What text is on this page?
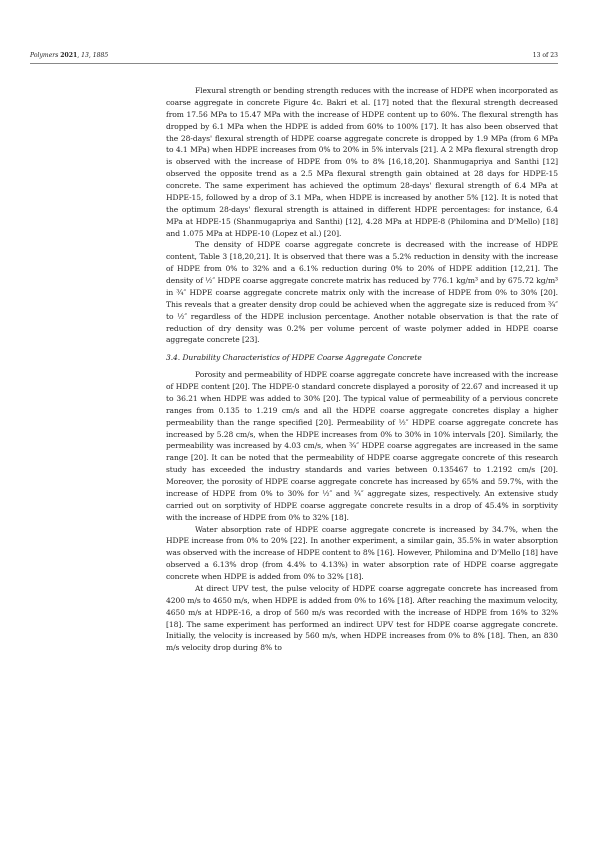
Polymers 2021, 13, 1885	13 of 23

Flexural strength or bending strength reduces with the increase of HDPE when incorporated as coarse aggregate in concrete Figure 4c. Bakri et al. [17] noted that the flexural strength decreased from 17.56 MPa to 15.47 MPa with the increase of HDPE content up to 60%. The flexural strength has dropped by 6.1 MPa when the HDPE is added from 60% to 100% [17]. It has also been observed that the 28-days' flexural strength of HDPE coarse aggregate concrete is dropped by 1.9 MPa (from 6 MPa to 4.1 MPa) when HDPE increases from 0% to 20% in 5% intervals [21]. A 2 MPa flexural strength drop is observed with the increase of HDPE from 0% to 8% [16,18,20]. Shanmugapriya and Santhi [12] observed the opposite trend as a 2.5 MPa flexural strength gain obtained at 28 days for HDPE-15 concrete. The same experiment has achieved the optimum 28-days' flexural strength of 6.4 MPa at HDPE-15, followed by a drop of 3.1 MPa, when HDPE is increased by another 5% [12]. It is noted that the optimum 28-days' flexural strength is attained in different HDPE percentages: for instance, 6.4 MPa at HDPE-15 (Shanmugapriya and Santhi) [12], 4.28 MPa at HDPE-8 (Philomina and D'Mello) [18] and 1.075 MPa at HDPE-10 (Lopez et al.) [20].

The density of HDPE coarse aggregate concrete is decreased with the increase of HDPE content, Table 3 [18,20,21]. It is observed that there was a 5.2% reduction in density with the increase of HDPE from 0% to 32% and a 6.1% reduction during 0% to 20% of HDPE addition [12,21]. The density of ½″ HDPE coarse aggregate concrete matrix has reduced by 776.1 kg/m³ and by 675.72 kg/m³ in ¾″ HDPE coarse aggregate concrete matrix only with the increase of HDPE from 0% to 30% [20]. This reveals that a greater density drop could be achieved when the aggregate size is reduced from ¾″ to ½″ regardless of the HDPE inclusion percentage. Another notable observation is that the rate of reduction of dry density was 0.2% per volume percent of waste polymer added in HDPE coarse aggregate concrete [23].

3.4. Durability Characteristics of HDPE Coarse Aggregate Concrete

Porosity and permeability of HDPE coarse aggregate concrete have increased with the increase of HDPE content [20]. The HDPE-0 standard concrete displayed a porosity of 22.67 and increased it up to 36.21 when HDPE was added to 30% [20]. The typical value of permeability of a pervious concrete ranges from 0.135 to 1.219 cm/s and all the HDPE coarse aggregate concretes display a higher permeability than the range specified [20]. Permeability of ½″ HDPE coarse aggregate concrete has increased by 5.28 cm/s, when the HDPE increases from 0% to 30% in 10% intervals [20]. Similarly, the permeability was increased by 4.03 cm/s, when ¾″ HDPE coarse aggregates are increased in the same range [20]. It can be noted that the permeability of HDPE coarse aggregate concrete of this research study has exceeded the industry standards and varies between 0.135467 to 1.2192 cm/s [20]. Moreover, the porosity of HDPE coarse aggregate concrete has increased by 65% and 59.7%, with the increase of HDPE from 0% to 30% for ½″ and ¾″ aggregate sizes, respectively. An extensive study carried out on sorptivity of HDPE coarse aggregate concrete results in a drop of 45.4% in sorptivity with the increase of HDPE from 0% to 32% [18].

Water absorption rate of HDPE coarse aggregate concrete is increased by 34.7%, when the HDPE increase from 0% to 20% [22]. In another experiment, a similar gain, 35.5% in water absorption was observed with the increase of HDPE content to 8% [16]. However, Philomina and D'Mello [18] have observed a 6.13% drop (from 4.4% to 4.13%) in water absorption rate of HDPE coarse aggregate concrete when HDPE is added from 0% to 32% [18].

At direct UPV test, the pulse velocity of HDPE coarse aggregate concrete has increased from 4200 m/s to 4650 m/s, when HDPE is added from 0% to 16% [18]. After reaching the maximum velocity, 4650 m/s at HDPE-16, a drop of 560 m/s was recorded with the increase of HDPE from 16% to 32% [18]. The same experiment has performed an indirect UPV test for HDPE coarse aggregate concrete. Initially, the velocity is increased by 560 m/s, when HDPE increases from 0% to 8% [18]. Then, an 830 m/s velocity drop during 8% to
